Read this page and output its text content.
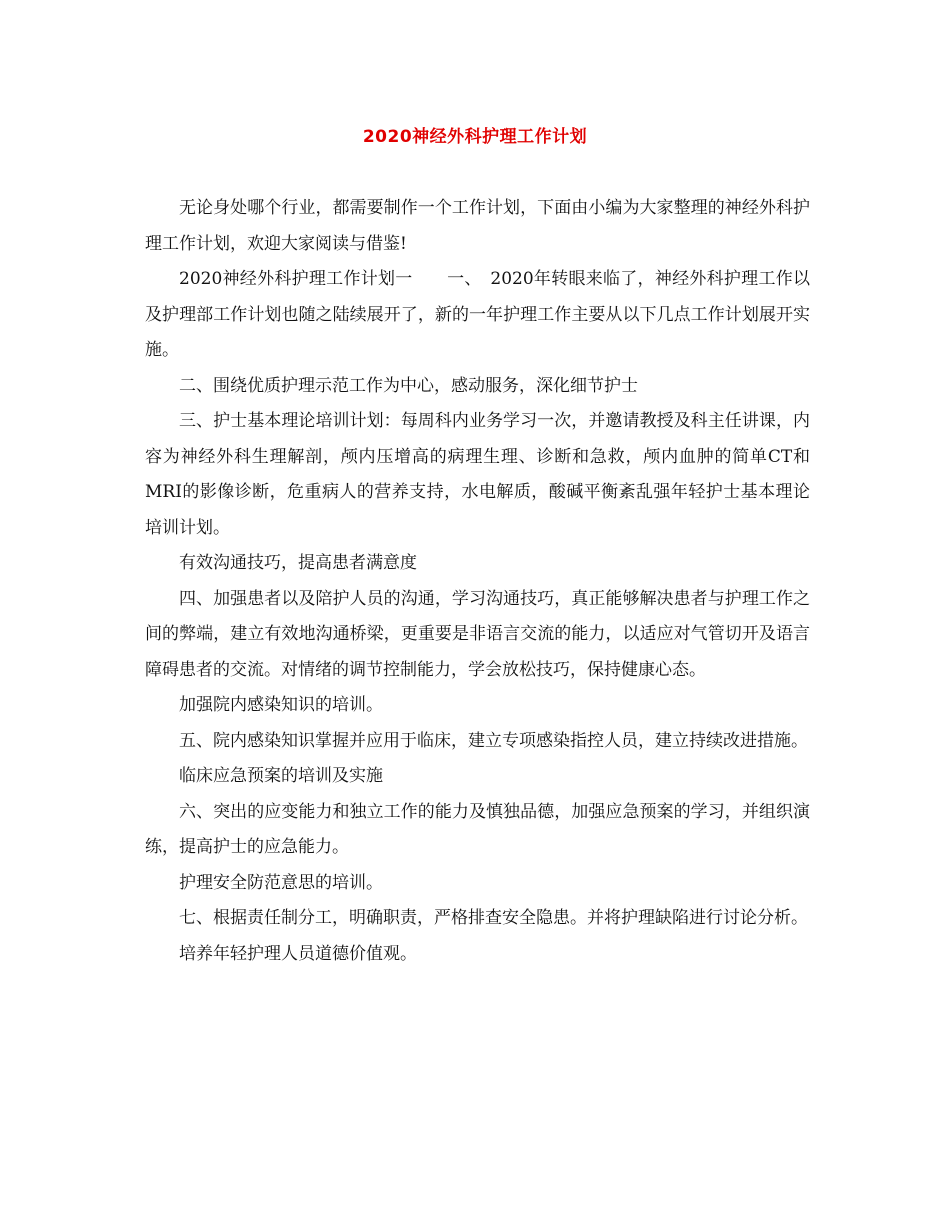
2020神经外科护理工作计划

无论身处哪个行业，都需要制作一个工作计划，下面由小编为大家整理的神经外科护理工作计划，欢迎大家阅读与借鉴!

2020神经外科护理工作计划一　　一、　2020年转眼来临了，神经外科护理工作以及护理部工作计划也随之陆续展开了，新的一年护理工作主要从以下几点工作计划展开实施。

二、围绕优质护理示范工作为中心，感动服务，深化细节护士

三、护士基本理论培训计划：每周科内业务学习一次，并邀请教授及科主任讲课，内容为神经外科生理解剖，颅内压增高的病理生理、诊断和急救，颅内血肿的简单CT和MRI的影像诊断，危重病人的营养支持，水电解质，酸碱平衡紊乱强年轻护士基本理论培训计划。

有效沟通技巧，提高患者满意度

四、加强患者以及陪护人员的沟通，学习沟通技巧，真正能够解决患者与护理工作之间的弊端，建立有效地沟通桥梁，更重要是非语言交流的能力，以适应对气管切开及语言障碍患者的交流。对情绪的调节控制能力，学会放松技巧，保持健康心态。

加强院内感染知识的培训。

五、院内感染知识掌握并应用于临床，建立专项感染指控人员，建立持续改进措施。

临床应急预案的培训及实施

六、突出的应变能力和独立工作的能力及慎独品德，加强应急预案的学习，并组织演练，提高护士的应急能力。

护理安全防范意思的培训。

七、根据责任制分工，明确职责，严格排查安全隐患。并将护理缺陷进行讨论分析。

培养年轻护理人员道德价值观。
